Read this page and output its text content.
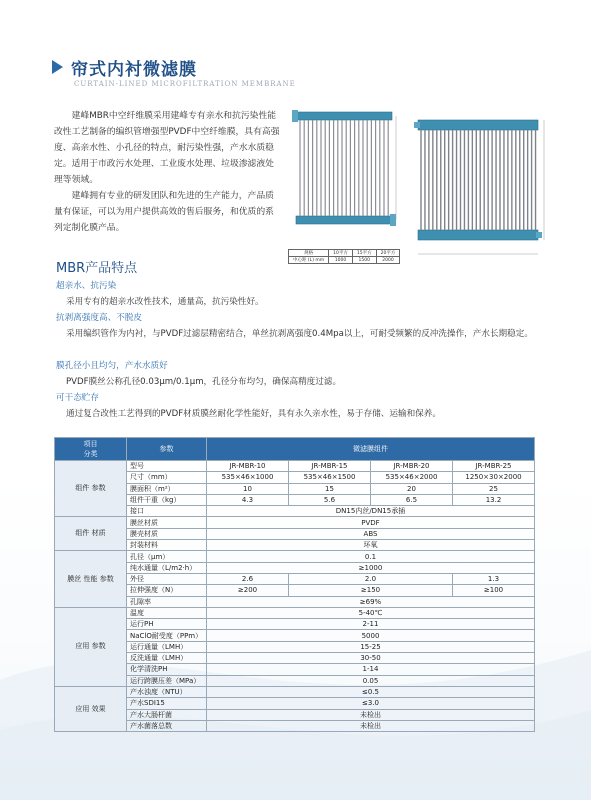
帘式内衬微滤膜
CURTAIN-LINED MICROFILTRATION MEMBRANE

建峰MBR中空纤维膜采用建峰专有亲水和抗污染性能改性工艺制备的编织管增强型PVDF中空纤维膜，具有高强度、高亲水性、小孔径的特点，耐污染性强，产水水质稳定。适用于市政污水处理、工业废水处理、垃圾渗滤液处理等领域。

建峰拥有专业的研发团队和先进的生产能力，产品质量有保证，可以为用户提供高效的售后服务，和优质的系列定制化膜产品。

规格	10平方	15平方	20平方
中心距 (L) mm	1000	1500	2000
MBR产品特点
超亲水、抗污染
采用专有的超亲水改性技术，通量高，抗污染性好。
抗剥离强度高、不脱皮
采用编织管作为内衬，与PVDF过滤层精密结合，单丝抗剥离强度0.4Mpa以上，可耐受频繁的反冲洗操作，产水长期稳定。
膜孔径小且均匀，产水水质好
PVDF膜丝公称孔径0.03μm/0.1μm，孔径分布均匀，确保高精度过滤。
可干态贮存
通过复合改性工艺得到的PVDF材质膜丝耐化学性能好，具有永久亲水性，易于存储、运输和保养。
项目
分类	参数	微滤膜组件			
组件 参数	型号	JR-MBR-10	JR-MBR-15	JR-MBR-20	JR-MBR-25
	尺寸（mm）	535×46×1000	535×46×1500	535×46×2000	1250×30×2000
	膜面积（m²）	10	15	20	25
	组件干重（kg）	4.3	5.6	6.5	13.2
	接口	DN15内丝/DN15承插			
组件 材质	膜丝材质	PVDF			
	膜壳材质	ABS			
	封装材料	环氧			
膜丝 性能 参数	孔径（μm）	0.1			
	纯水通量（L/m2·h）	≥1000			
	外径	2.6	2.0		1.3
	拉伸强度（N）	≥200	≥150		≥100
	孔隙率	≥69%			
应用 参数	温度	5-40℃			
	运行PH	2-11			
	NaClO耐受度（PPm）	5000			
	运行通量（LMH）	15-25			
	反洗通量（LMH）	30-50			
	化学清洗PH	1-14			
	运行跨膜压差（MPa）	0.05			
应用 效果	产水浊度（NTU）	≤0.5			
	产水SDI15	≤3.0			
	产水大肠杆菌	未检出			
	产水菌落总数	未检出			
